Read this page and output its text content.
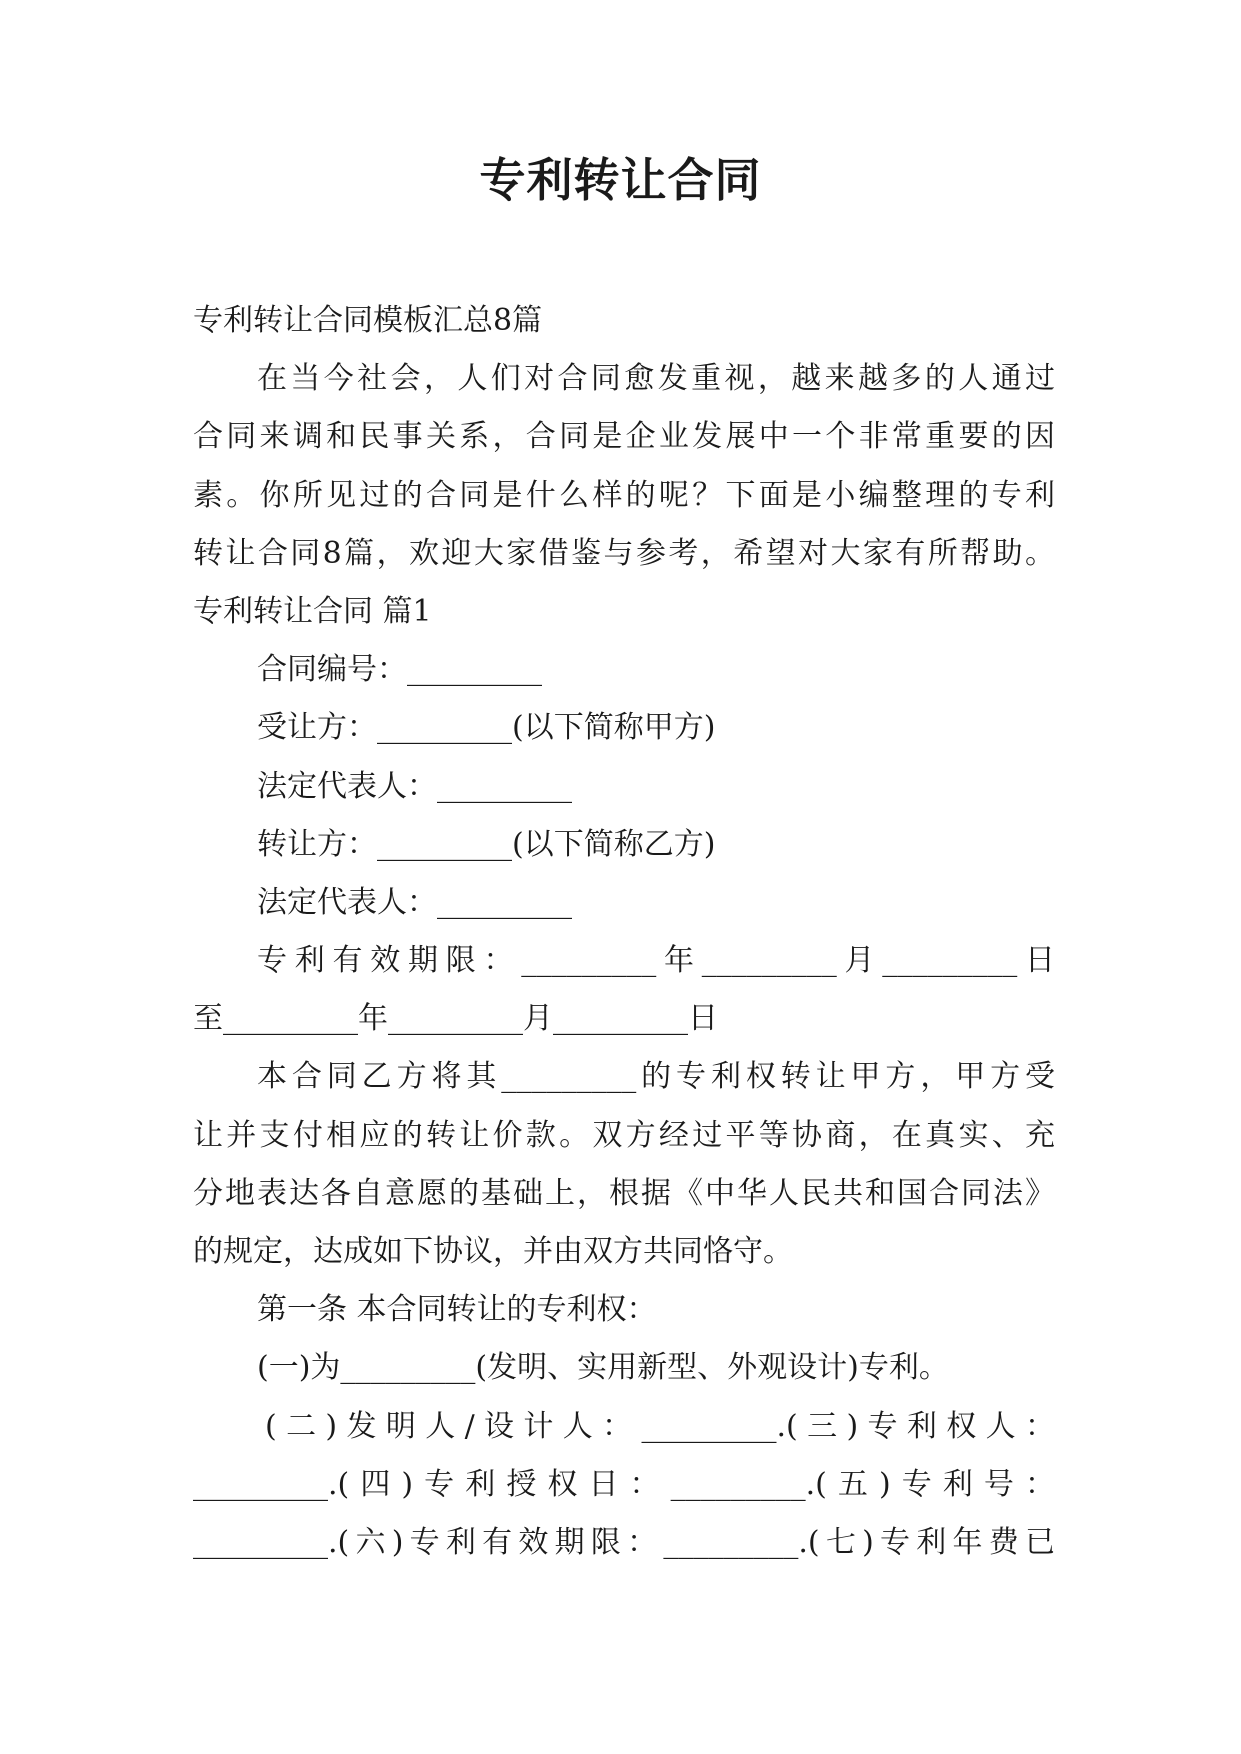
专利转让合同
专利转让合同模板汇总8篇
在当今社会，人们对合同愈发重视，越来越多的人通过
合同来调和民事关系，合同是企业发展中一个非常重要的因
素。你所见过的合同是什么样的呢？下面是小编整理的专利
转让合同8篇，欢迎大家借鉴与参考，希望对大家有所帮助。
专利转让合同 篇1
合同编号：_________
受让方：_________(以下简称甲方)
法定代表人：_________
转让方：_________(以下简称乙方)
法定代表人：_________
专利有效期限：_________年_________月_________日
至_________年_________月_________日
本合同乙方将其_________的专利权转让甲方，甲方受
让并支付相应的转让价款。双方经过平等协商，在真实、充
分地表达各自意愿的基础上，根据《中华人民共和国合同法》
的规定，达成如下协议，并由双方共同恪守。
第一条 本合同转让的专利权：
(一)为_________(发明、实用新型、外观设计)专利。
(二)发明人/设计人：_________.(三)专利权人：
_________.(四)专利授权日：_________.(五)专利号：
_________.(六)专利有效期限：_________.(七)专利年费已
